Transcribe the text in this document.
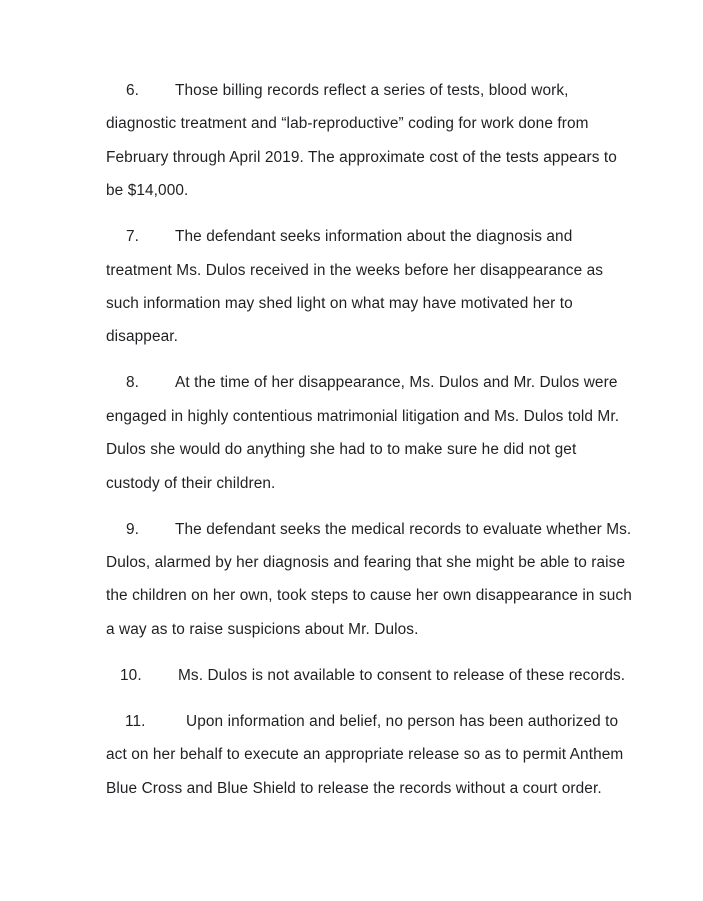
6. Those billing records reflect a series of tests, blood work, diagnostic treatment and “lab-reproductive” coding for work done from February through April 2019. The approximate cost of the tests appears to be $14,000.

7. The defendant seeks information about the diagnosis and treatment Ms. Dulos received in the weeks before her disappearance as such information may shed light on what may have motivated her to disappear.

8. At the time of her disappearance, Ms. Dulos and Mr. Dulos were engaged in highly contentious matrimonial litigation and Ms. Dulos told Mr. Dulos she would do anything she had to to make sure he did not get custody of their children.

9. The defendant seeks the medical records to evaluate whether Ms. Dulos, alarmed by her diagnosis and fearing that she might be able to raise the children on her own, took steps to cause her own disappearance in such a way as to raise suspicions about Mr. Dulos.

10. Ms. Dulos is not available to consent to release of these records.

11.	Upon information and belief, no person has been authorized to act on her behalf to execute an appropriate release so as to permit Anthem Blue Cross and Blue Shield to release the records without a court order.
